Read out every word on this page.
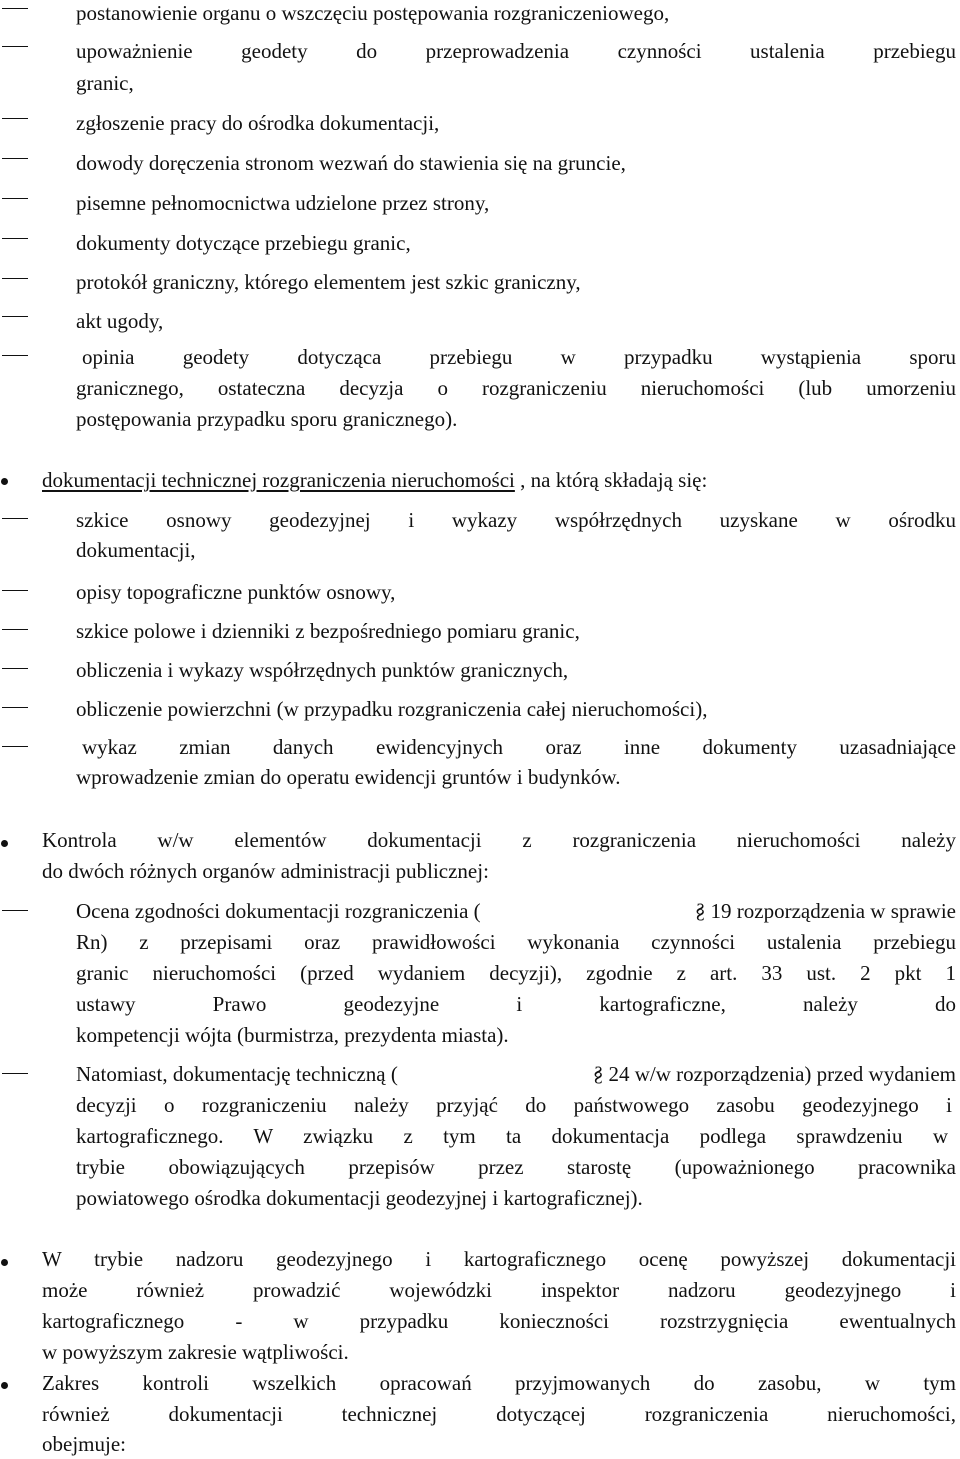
postanowienie organu o wszczęciu postępowania rozgraniczeniowego,
upoważnienie geodety do przeprowadzenia czynności ustalenia przebiegu
granic,
zgłoszenie pracy do ośrodka dokumentacji,
dowody doręczenia stronom wezwań do stawienia się na gruncie,
pisemne pełnomocnictwa udzielone przez strony,
dokumenty dotyczące przebiegu granic,
protokół graniczny, którego elementem jest szkic graniczny,
akt ugody,
opinia geodety dotycząca przebiegu w przypadku wystąpienia sporu
granicznego, ostateczna decyzja o rozgraniczeniu nieruchomości (lub umorzeniu
postępowania przypadku sporu granicznego).
dokumentacji technicznej rozgraniczenia nieruchomości , na którą składają się:
szkice osnowy geodezyjnej i wykazy współrzędnych uzyskane w ośrodku
dokumentacji,
opisy topograficzne punktów osnowy,
szkice polowe i dzienniki z bezpośredniego pomiaru granic,
obliczenia i wykazy współrzędnych punktów granicznych,
obliczenie powierzchni (w przypadku rozgraniczenia całej nieruchomości),
wykaz zmian danych ewidencyjnych oraz inne dokumenty uzasadniające
wprowadzenie zmian do operatu ewidencji gruntów i budynków.
Kontrola w/w elementów dokumentacji z rozgraniczenia nieruchomości należy
do dwóch różnych organów administracji publicznej:
Ocena zgodności dokumentacji rozgraniczenia (	§ 19 rozporządzenia w sprawie
Rn) z przepisami oraz prawidłowości wykonania czynności ustalenia przebiegu
granic nieruchomości (przed wydaniem decyzji), zgodnie z art. 33 ust. 2 pkt 1
ustawy Prawo geodezyjne i kartograficzne, należy do
kompetencji wójta (burmistrza, prezydenta miasta).
Natomiast, dokumentację techniczną (	§ 24 w/w rozporządzenia) przed wydaniem
decyzji o rozgraniczeniu należy przyjąć do państwowego zasobu geodezyjnego i
kartograficznego. W związku z tym ta dokumentacja podlega sprawdzeniu w
trybie obowiązujących przepisów przez starostę (upoważnionego pracownika
powiatowego ośrodka dokumentacji geodezyjnej i kartograficznej).
W trybie nadzoru geodezyjnego i kartograficznego ocenę powyższej dokumentacji
może również prowadzić wojewódzki inspektor nadzoru geodezyjnego i
kartograficznego - w przypadku konieczności rozstrzygnięcia ewentualnych
w powyższym zakresie wątpliwości.
Zakres kontroli wszelkich opracowań przyjmowanych do zasobu, w tym
również dokumentacji technicznej dotyczącej rozgraniczenia nieruchomości,
obejmuje:
